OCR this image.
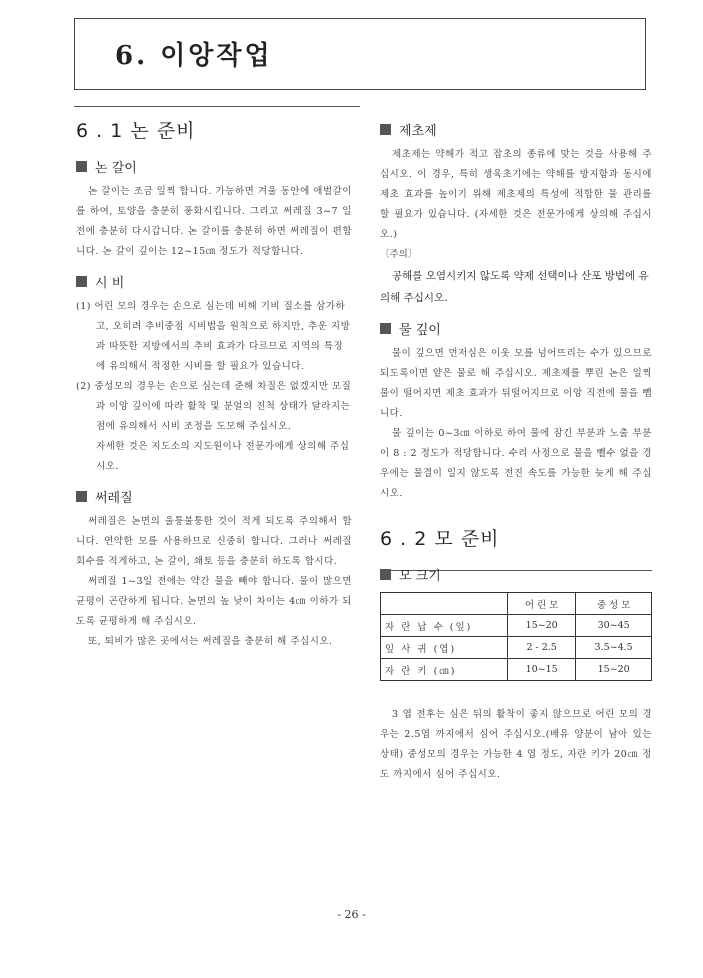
6. 이앙작업
6 . 1 논 준비
논 갈이

논 갈이는 조금 일찍 합니다. 가능하면 겨울 동안에 애벌갈이를 하여, 토양을 충분히 풍화시킵니다. 그리고 써레질 3~7 일전에 충분히 다시갑니다. 논 갈이를 충분히 하면 써레질이 편합니다. 논 갈이 깊이는 12~15㎝ 정도가 적당합니다.

시 비

(1) 어린 모의 경우는 손으로 심는데 비해 기비 질소를 삼가하고, 오히려 추비중점 시비법을 원칙으로 하지만, 추운 지방과 따뜻한 지방에서의 추비 효과가 다르므로 지역의 특징에 유의해서 적정한 시비를 할 필요가 있습니다.

(2) 중성모의 경우는 손으로 심는데 준해 차질은 없겠지만 모질과 이앙 깊이에 따라 활착 및 분얼의 진척 상태가 달라지는 점에 유의해서 시비 조정을 도모해 주십시오.

자세한 것은 지도소의 지도원이나 전문가에게 상의해 주십시오.

써레질

써레질은 논면의 울퉁불퉁한 것이 적게 되도록 주의해서 합니다. 연약한 모를 사용하므로 신중히 합니다. 그러나 써레질 회수를 적게하고, 논 갈이, 쇄토 등을 충분히 하도록 합시다.

써레질 1~3일 전에는 약간 물을 빼야 합니다. 물이 많으면 균평이 곤란하게 됩니다. 논면의 높 낮이 차이는 4㎝ 이하가 되도록 균평하게 해 주십시오.

또, 퇴비가 많은 곳에서는 써레질을 충분히 해 주십시오.

제초제

제초제는 약해가 적고 잡초의 종류에 맞는 것을 사용해 주십시오. 이 경우, 특히 생육초기에는 약해를 방지함과 동시에 제초 효과를 높이기 위해 제초제의 특성에 적합한 물 관리를 할 필요가 있습니다. (자세한 것은 전문가에게 상의해 주십시오.)

〔주의〕

공해를 오염시키지 않도록 약제 선택이나 산포 방법에 유의해 주십시오.

물 깊이

물이 깊으면 먼저심은 이웃 모를 넘어뜨리는 수가 있으므로 되도록이면 얕은 물로 해 주십시오. 제초제를 뿌린 논은 일찍 물이 떨어지면 제초 효과가 뒤떨어지므로 이앙 직전에 물을 뺍니다.

물 깊이는 0~3㎝ 이하로 하여 물에 잠긴 부분과 노출 부분이 8 : 2 정도가 적당합니다. 수리 사정으로 물을 뺄수 없을 경우에는 물결이 일지 않도록 전진 속도를 가능한 늦게 해 주십시오.

6 . 2 모 준비
모 크기
	어 린 모	중 성 모
자 란 납 수 (잎)	15~20	30~45
잎 사 귀 (엽)	2 - 2.5	3.5~4.5
자 란 키 (㎝)	10~15	15~20

3 엽 전후는 심은 뒤의 활착이 좋지 않으므로 어린 모의 경우는 2.5엽 까지에서 심어 주십시오.(배유 양분이 남아 있는 상태) 중성모의 경우는 가능한 4 엽 정도, 자란 키가 20㎝ 정도 까지에서 심어 주십시오.

- 26 -
